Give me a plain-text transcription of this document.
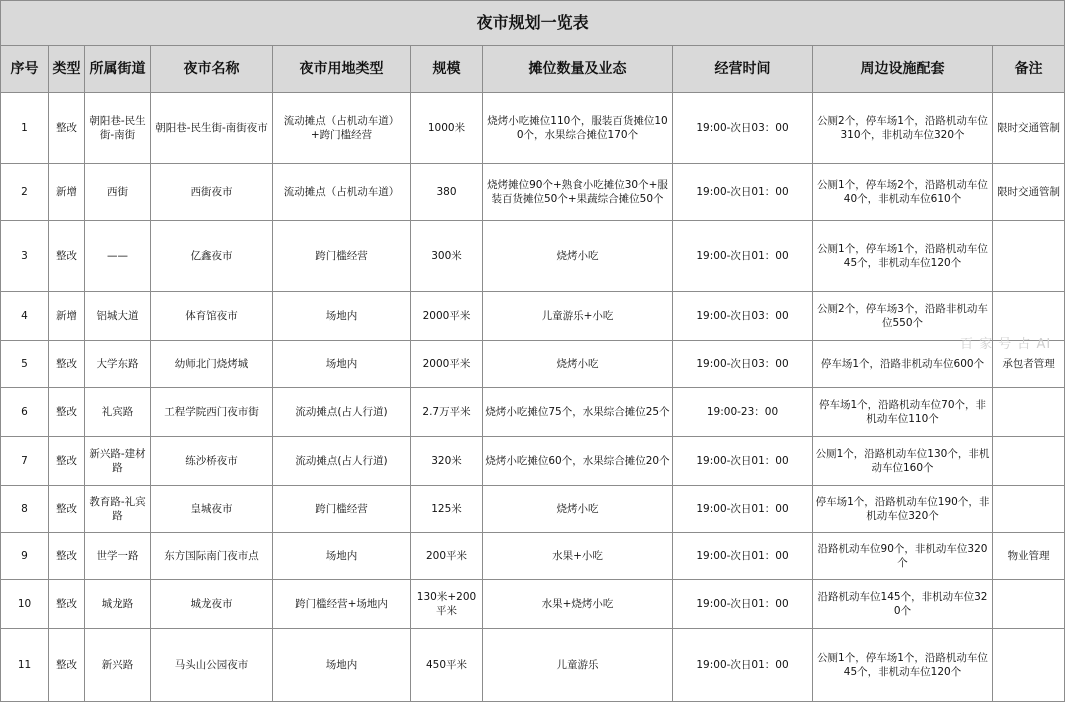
夜市规划一览表									
序号	类型	所属街道	夜市名称	夜市用地类型	规模	摊位数量及业态	经营时间	周边设施配套	备注
1	整改	朝阳巷-民生街-南街	朝阳巷-民生街-南街夜市	流动摊点（占机动车道）+跨门槛经营	1000米	烧烤小吃摊位110个，服装百货摊位100个，水果综合摊位170个	19:00-次日03：00	公厕2个，停车场1个，沿路机动车位310个，非机动车位320个	限时交通管制
2	新增	西街	西街夜市	流动摊点（占机动车道）	380	烧烤摊位90个+熟食小吃摊位30个+服装百货摊位50个+果蔬综合摊位50个	19:00-次日01：00	公厕1个，停车场2个，沿路机动车位40个，非机动车位610个	限时交通管制
3	整改	——	亿鑫夜市	跨门槛经营	300米	烧烤小吃	19:00-次日01：00	公厕1个，停车场1个，沿路机动车位45个，非机动车位120个	
4	新增	铝城大道	体育馆夜市	场地内	2000平米	儿童游乐+小吃	19:00-次日03：00	公厕2个，停车场3个，沿路非机动车位550个	
5	整改	大学东路	幼师北门烧烤城	场地内	2000平米	烧烤小吃	19:00-次日03：00	停车场1个，沿路非机动车位600个	承包者管理
6	整改	礼宾路	工程学院西门夜市街	流动摊点(占人行道)	2.7万平米	烧烤小吃摊位75个，水果综合摊位25个	19:00-23：00	停车场1个，沿路机动车位70个，非机动车位110个	
7	整改	新兴路-建材路	练沙桥夜市	流动摊点(占人行道)	320米	烧烤小吃摊位60个，水果综合摊位20个	19:00-次日01：00	公厕1个，沿路机动车位130个，非机动车位160个	
8	整改	教育路-礼宾路	皇城夜市	跨门槛经营	125米	烧烤小吃	19:00-次日01：00	停车场1个，沿路机动车位190个，非机动车位320个	
9	整改	世学一路	东方国际南门夜市点	场地内	200平米	水果+小吃	19:00-次日01：00	沿路机动车位90个，非机动车位320个	物业管理
10	整改	城龙路	城龙夜市	跨门槛经营+场地内	130米+200平米	水果+烧烤小吃	19:00-次日01：00	沿路机动车位145个，非机动车位320个	
11	整改	新兴路	马头山公园夜市	场地内	450平米	儿童游乐	19:00-次日01：00	公厕1个，停车场1个，沿路机动车位45个，非机动车位120个	
百 家 号 占 AI
